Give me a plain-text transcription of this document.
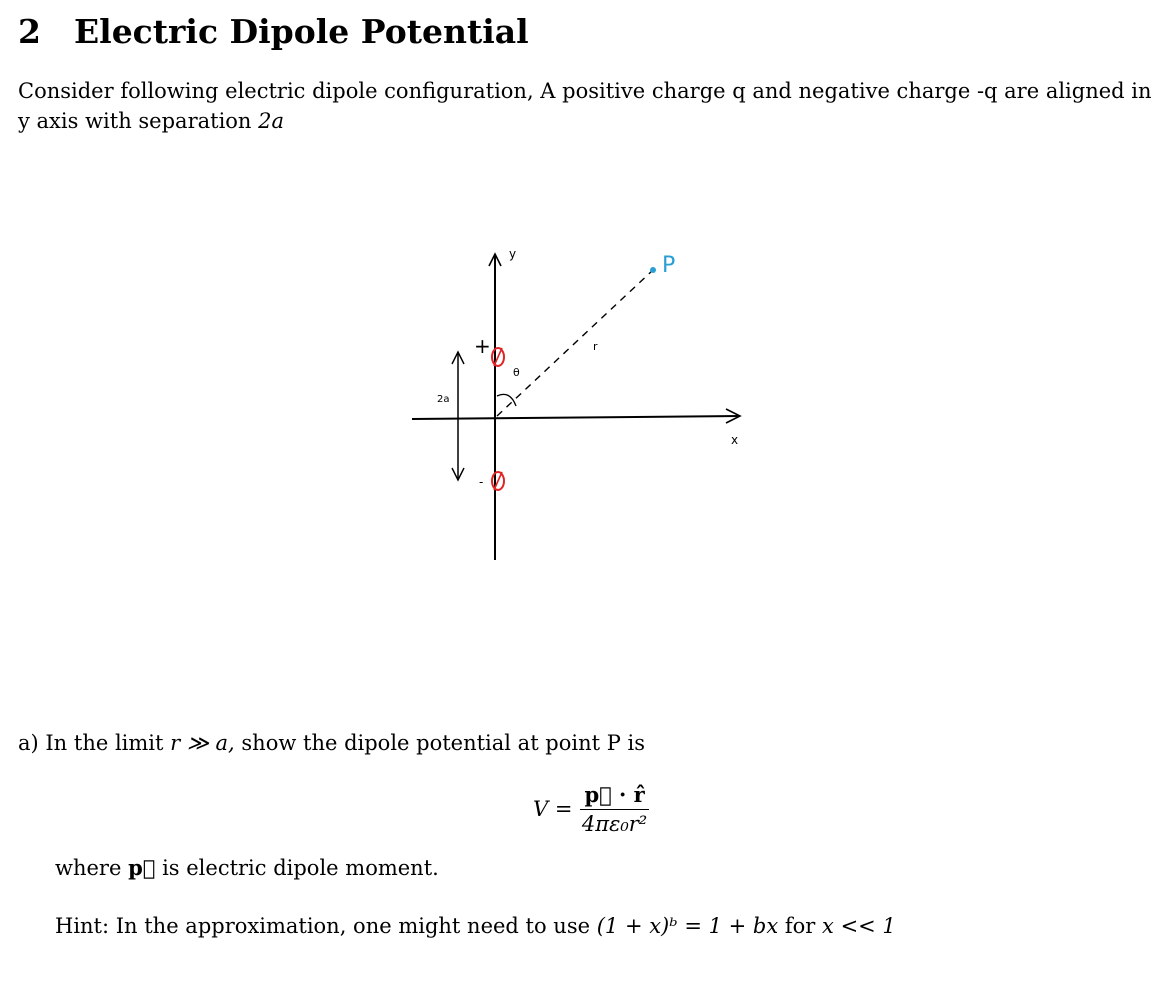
2 Electric Dipole Potential

Consider following electric dipole configuration, A positive charge q and negative charge -q are aligned in y axis with separation 2a

y
x
r
P
θ
+
-
2a

a) In the limit r ≫ a, show the dipole potential at point P is

$V = \frac{p⃗ \cdot r̂}{\text{4πε₀r²}}$

where p⃗ is electric dipole moment.

Hint: In the approximation, one might need to use (1 + x)ᵇ = 1 + bx for x << 1
